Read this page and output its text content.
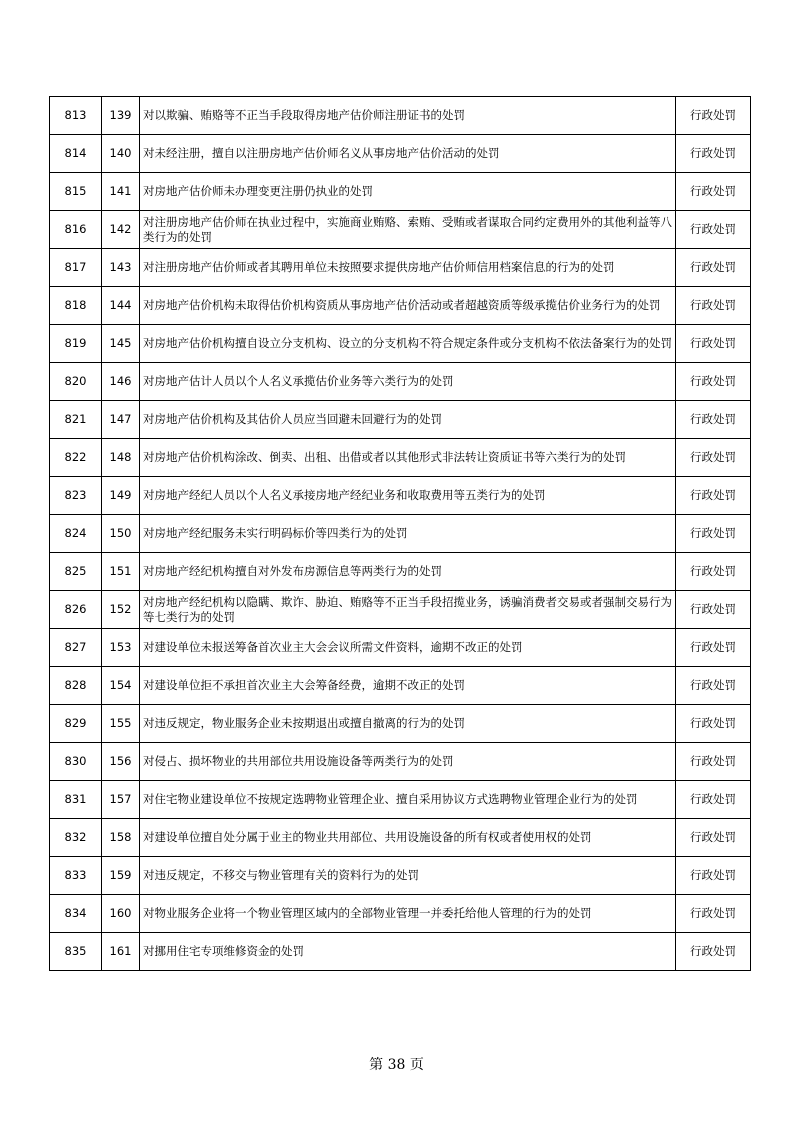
813	139	对以欺骗、贿赂等不正当手段取得房地产估价师注册证书的处罚	行政处罚
814	140	对未经注册，擅自以注册房地产估价师名义从事房地产估价活动的处罚	行政处罚
815	141	对房地产估价师未办理变更注册仍执业的处罚	行政处罚
816	142	对注册房地产估价师在执业过程中，实施商业贿赂、索贿、受贿或者谋取合同约定费用外的其他利益等八类行为的处罚	行政处罚
817	143	对注册房地产估价师或者其聘用单位未按照要求提供房地产估价师信用档案信息的行为的处罚	行政处罚
818	144	对房地产估价机构未取得估价机构资质从事房地产估价活动或者超越资质等级承揽估价业务行为的处罚	行政处罚
819	145	对房地产估价机构擅自设立分支机构、设立的分支机构不符合规定条件或分支机构不依法备案行为的处罚	行政处罚
820	146	对房地产估计人员以个人名义承揽估价业务等六类行为的处罚	行政处罚
821	147	对房地产估价机构及其估价人员应当回避未回避行为的处罚	行政处罚
822	148	对房地产估价机构涂改、倒卖、出租、出借或者以其他形式非法转让资质证书等六类行为的处罚	行政处罚
823	149	对房地产经纪人员以个人名义承接房地产经纪业务和收取费用等五类行为的处罚	行政处罚
824	150	对房地产经纪服务未实行明码标价等四类行为的处罚	行政处罚
825	151	对房地产经纪机构擅自对外发布房源信息等两类行为的处罚	行政处罚
826	152	对房地产经纪机构以隐瞒、欺诈、胁迫、贿赂等不正当手段招揽业务，诱骗消费者交易或者强制交易行为等七类行为的处罚	行政处罚
827	153	对建设单位未报送筹备首次业主大会会议所需文件资料，逾期不改正的处罚	行政处罚
828	154	对建设单位拒不承担首次业主大会筹备经费，逾期不改正的处罚	行政处罚
829	155	对违反规定，物业服务企业未按期退出或擅自撤离的行为的处罚	行政处罚
830	156	对侵占、损坏物业的共用部位共用设施设备等两类行为的处罚	行政处罚
831	157	对住宅物业建设单位不按规定选聘物业管理企业、擅自采用协议方式选聘物业管理企业行为的处罚	行政处罚
832	158	对建设单位擅自处分属于业主的物业共用部位、共用设施设备的所有权或者使用权的处罚	行政处罚
833	159	对违反规定，不移交与物业管理有关的资料行为的处罚	行政处罚
834	160	对物业服务企业将一个物业管理区域内的全部物业管理一并委托给他人管理的行为的处罚	行政处罚
835	161	对挪用住宅专项维修资金的处罚	行政处罚
第 38 页
